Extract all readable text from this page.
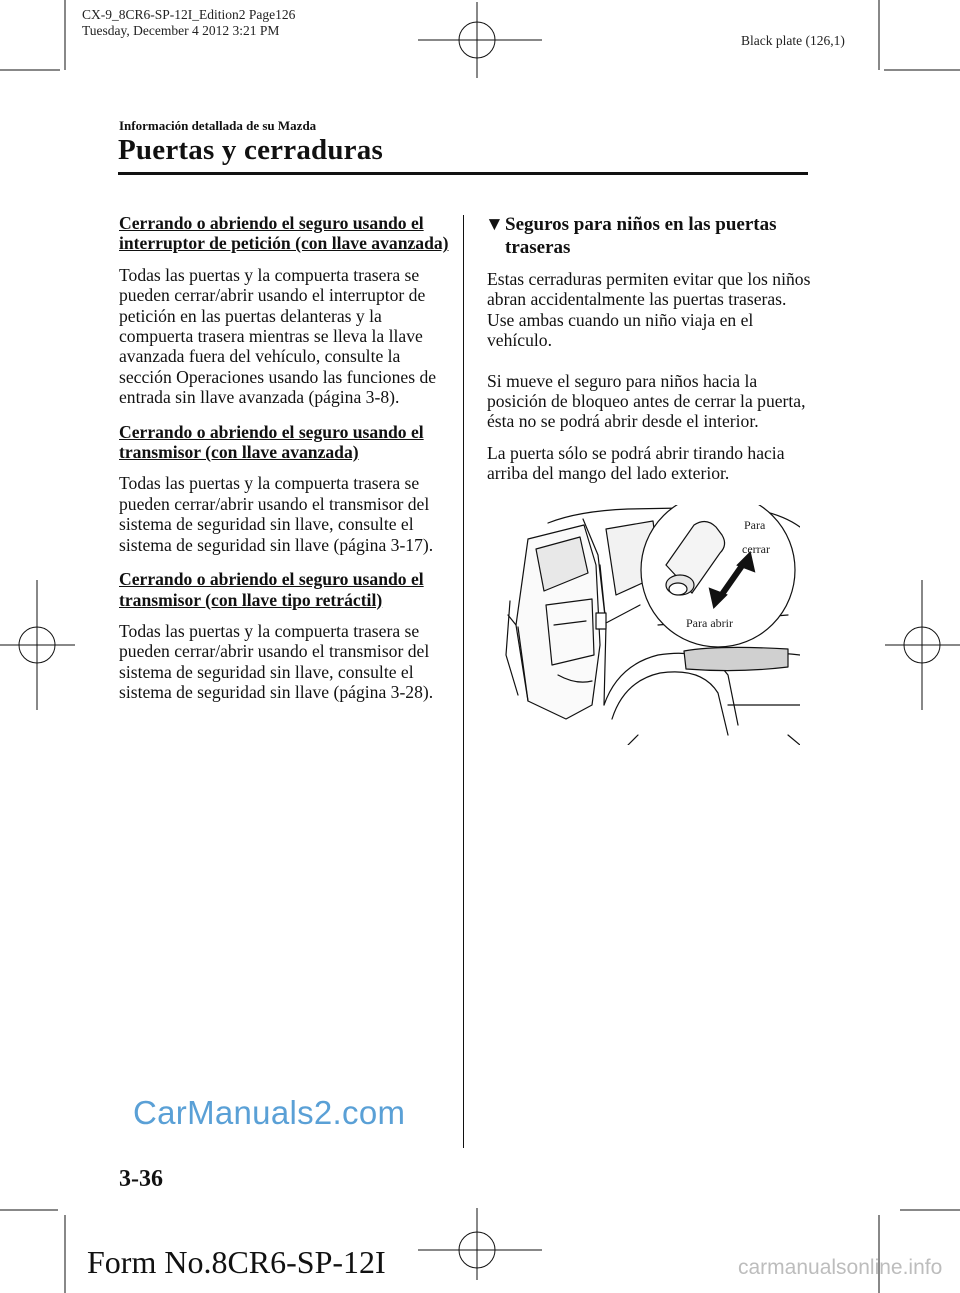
CX-9_8CR6-SP-12I_Edition2 Page126
Tuesday, December 4 2012 3:21 PM
Black plate (126,1)
Información detallada de su Mazda
Puertas y cerraduras

Cerrando o abriendo el seguro usando el interruptor de petición (con llave avanzada)

Todas las puertas y la compuerta trasera se pueden cerrar/abrir usando el interruptor de petición en las puertas delanteras y la compuerta trasera mientras se lleva la llave avanzada fuera del vehículo, consulte la sección Operaciones usando las funciones de entrada sin llave avanzada (página 3-8).

Cerrando o abriendo el seguro usando el transmisor (con llave avanzada)

Todas las puertas y la compuerta trasera se pueden cerrar/abrir usando el transmisor del sistema de seguridad sin llave, consulte el sistema de seguridad sin llave (página 3-17).

Cerrando o abriendo el seguro usando el transmisor (con llave tipo retráctil)

Todas las puertas y la compuerta trasera se pueden cerrar/abrir usando el transmisor del sistema de seguridad sin llave, consulte el sistema de seguridad sin llave (página 3-28).

▼ Seguros para niños en las puertas traseras

Estas cerraduras permiten evitar que los niños abran accidentalmente las puertas traseras. Use ambas cuando un niño viaja en el vehículo.

Si mueve el seguro para niños hacia la posición de bloqueo antes de cerrar la puerta, ésta no se podrá abrir desde el interior.

La puerta sólo se podrá abrir tirando hacia arriba del mango del lado exterior.

Para
cerrar
Para abrir
CarManuals2.com
3-36
Form No.8CR6-SP-12I	carmanualsonline.info
